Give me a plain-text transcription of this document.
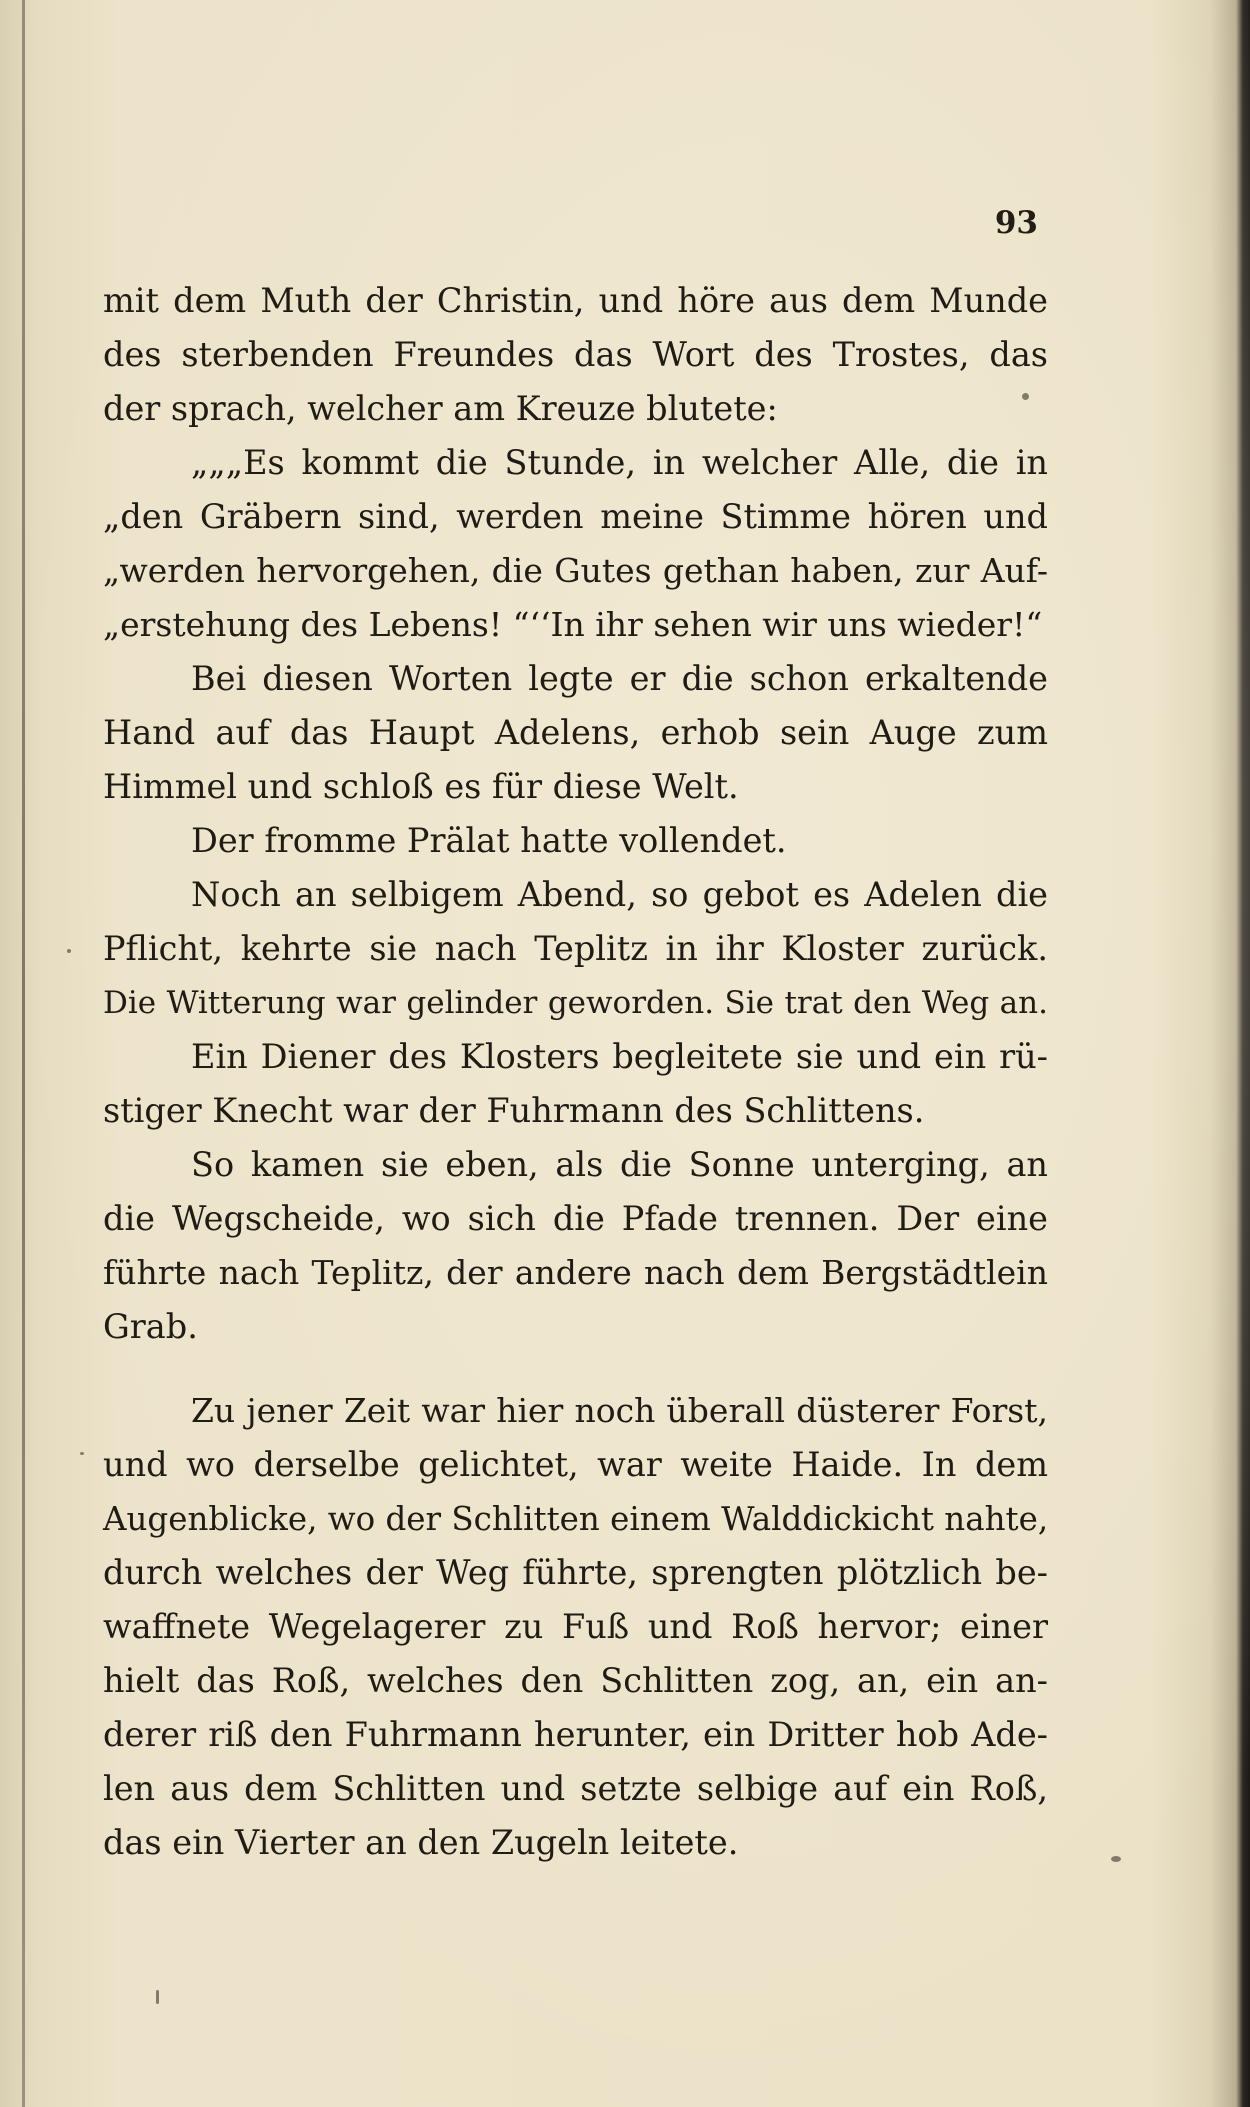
93
mit dem Muth der Christin, und höre aus dem Munde
des sterbenden Freundes das Wort des Trostes, das
der sprach, welcher am Kreuze blutete:
„„„Es kommt die Stunde, in welcher Alle, die in
„den Gräbern sind, werden meine Stimme hören und
„werden hervorgehen, die Gutes gethan haben, zur Auf-
„erstehung des Lebens! “‘‘In ihr sehen wir uns wieder!“
Bei diesen Worten legte er die schon erkaltende
Hand auf das Haupt Adelens, erhob sein Auge zum
Himmel und schloß es für diese Welt.
Der fromme Prälat hatte vollendet.
Noch an selbigem Abend, so gebot es Adelen die
Pflicht, kehrte sie nach Teplitz in ihr Kloster zurück.
Die Witterung war gelinder geworden. Sie trat den Weg an.
Ein Diener des Klosters begleitete sie und ein rü-
stiger Knecht war der Fuhrmann des Schlittens.
So kamen sie eben, als die Sonne unterging, an
die Wegscheide, wo sich die Pfade trennen. Der eine
führte nach Teplitz, der andere nach dem Bergstädtlein
Grab.
Zu jener Zeit war hier noch überall düsterer Forst,
und wo derselbe gelichtet, war weite Haide. In dem
Augenblicke, wo der Schlitten einem Walddickicht nahte,
durch welches der Weg führte, sprengten plötzlich be-
waffnete Wegelagerer zu Fuß und Roß hervor; einer
hielt das Roß, welches den Schlitten zog, an, ein an-
derer riß den Fuhrmann herunter, ein Dritter hob Ade-
len aus dem Schlitten und setzte selbige auf ein Roß,
das ein Vierter an den Zugeln leitete.
